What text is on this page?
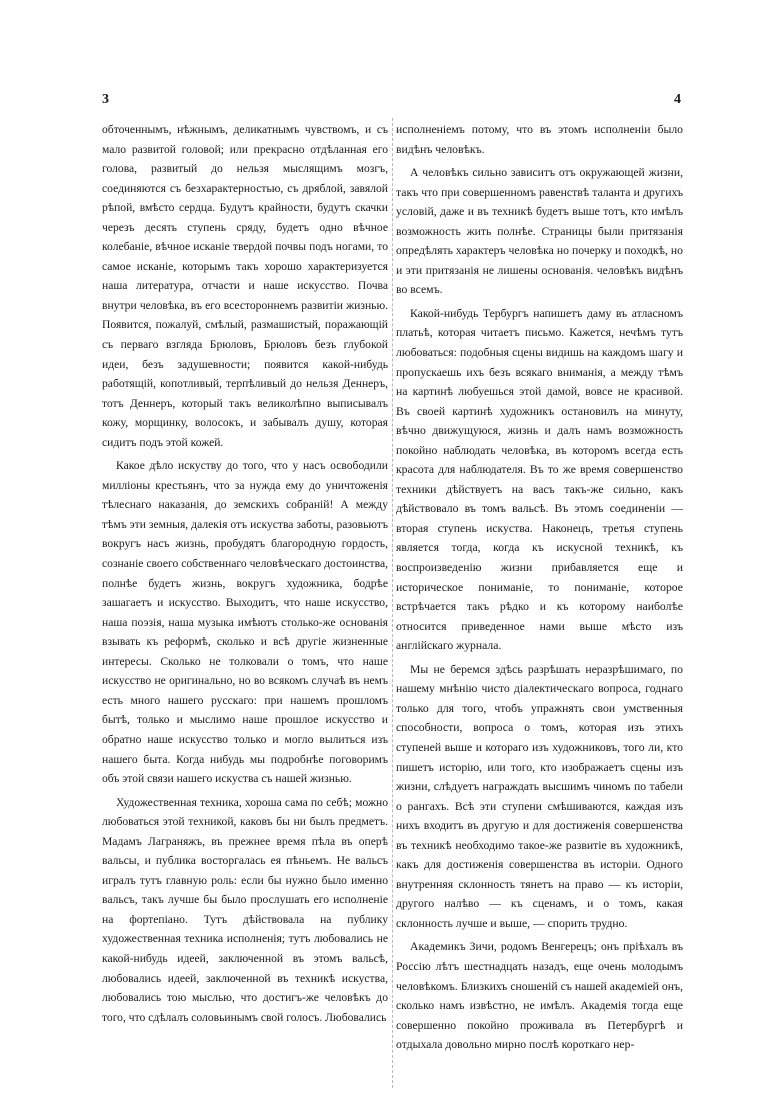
3	4

обточеннымъ, нѣжнымъ, деликатнымъ чувствомъ, и съ мало развитой головой; или прекрасно отдѣланная его голова, развитый до нельзя мыслящимъ мозгъ, соединяются съ безхарактерностью, съ дряблой, завялой рѣпой, вмѣсто сердца. Будутъ крайности, будутъ скачки черезъ десять ступень сряду, будетъ одно вѣчное колебаніе, вѣчное исканіе твердой почвы подъ ногами, то самое исканіе, которымъ такъ хорошо характеризуется наша литература, отчасти и наше искусство. Почва внутри человѣка, въ его всестороннемъ развитіи жизнью. Появится, пожалуй, смѣлый, размашистый, поражающій съ перваго взгляда Брюловъ, Брюловъ безъ глубокой идеи, безъ задушевности; появится какой-нибудь работящій, копотливый, терпѣливый до нельзя Деннеръ, тотъ Деннеръ, который такъ великолѣпно выписывалъ кожу, морщинку, волосокъ, и забывалъ душу, которая сидитъ подъ этой кожей.

Какое дѣло искуству до того, что у насъ освободили милліоны крестьянъ, что за нужда ему до уничтоженія тѣлеснаго наказанія, до земскихъ собраній! А между тѣмъ эти земныя, далекія отъ искуства заботы, разовьютъ вокругъ насъ жизнь, пробудятъ благородную гордость, сознаніе своего собственнаго человѣческаго достоинства, полнѣе будетъ жизнь, вокругъ художника, бодрѣе зашагаетъ и искусство. Выходитъ, что наше искусство, наша поэзія, наша музыка имѣютъ столько-же основанія взывать къ реформѣ, сколько и всѣ другіе жизненные интересы. Сколько не толковали о томъ, что наше искусство не оригинально, но во всякомъ случаѣ въ немъ есть много нашего русскаго: при нашемъ прошломъ бытѣ, только и мыслимо наше прошлое искусство и обратно наше искусство только и могло вылиться изъ нашего быта. Когда нибудь мы подробнѣе поговоримъ объ этой связи нашего искуства съ нашей жизнью.

Художественная техника, хороша сама по себѣ; можно любоваться этой техникой, каковъ бы ни былъ предметъ. Мадамъ Лаграняжъ, въ прежнее время пѣла въ оперѣ вальсы, и публика восторгалась ея пѣньемъ. Не вальсъ игралъ тутъ главную роль: если бы нужно было именно вальсъ, такъ лучше бы было прослушать его исполненіе на фортепіано. Тутъ дѣйствовала на публику художественная техника исполненія; тутъ любовались не какой-нибудь идеей, заключенной въ этомъ вальсѣ, любовались идеей, заключенной въ техникѣ искуства, любовались тою мыслью, что достигъ-же человѣкъ до того, что сдѣлалъ соловьинымъ свой голосъ. Любовались

исполненіемъ потому, что въ этомъ исполненіи было видѣнъ человѣкъ.

А человѣкъ сильно зависитъ отъ окружающей жизни, такъ что при совершенномъ равенствѣ таланта и другихъ условій, даже и въ техникѣ будетъ выше тотъ, кто имѣлъ возможность жить полнѣе. Страницы были притязанія опредѣлять характеръ человѣка но почерку и походкѣ, но и эти притязанія не лишены основанія. человѣкъ видѣнъ во всемъ.

Какой-нибудь Тербургъ напишетъ даму въ атласномъ платьѣ, которая читаетъ письмо. Кажется, нечѣмъ тутъ любоваться: подобныя сцены видишь на каждомъ шагу и пропускаешь ихъ безъ всякаго вниманія, а между тѣмъ на картинѣ любуешься этой дамой, вовсе не красивой. Въ своей картинѣ художникъ остановилъ на минуту, вѣчно движущуюся, жизнь и далъ намъ возможность покойно наблюдать человѣка, въ которомъ всегда есть красота для наблюдателя. Въ то же время совершенство техники дѣйствуетъ на васъ такъ-же сильно, какъ дѣйствовало въ томъ вальсѣ. Въ этомъ соединеніи — вторая ступень искуства. Наконецъ, третья ступень является тогда, когда къ искусной техникѣ, къ воспроизведенію жизни прибавляется еще и историческое пониманіе, то пониманіе, которое встрѣчается такъ рѣдко и къ которому наиболѣе относится приведенное нами выше мѣсто изъ англійскаго журнала.

Мы не беремся здѣсь разрѣшать неразрѣшимаго, по нашему мнѣнію чисто діалектическаго вопроса, годнаго только для того, чтобъ упражнять свои умственныя способности, вопроса о томъ, которая изъ этихъ ступеней выше и котораго изъ художниковъ, того ли, кто пишетъ исторію, или того, кто изображаетъ сцены изъ жизни, слѣдуетъ награждать высшимъ чиномъ по табели о рангахъ. Всѣ эти ступени смѣшиваются, каждая изъ нихъ входитъ въ другую и для достиженія совершенства въ техникѣ необходимо такое-же развитіе въ художникѣ, какъ для достиженія совершенства въ исторіи. Одного внутренняя склонность тянетъ на право — къ исторіи, другого налѣво — къ сценамъ, и о томъ, какая склонность лучше и выше, — спорить трудно.

Академикъ Зичи, родомъ Венгерецъ; онъ пріѣхалъ въ Россію лѣтъ шестнадцать назадъ, еще очень молодымъ человѣкомъ. Близкихъ сношеній съ нашей академіей онъ, сколько намъ извѣстно, не имѣлъ. Академія тогда еще совершенно покойно проживала въ Петербургѣ и отдыхала довольно мирно послѣ короткаго нер-
